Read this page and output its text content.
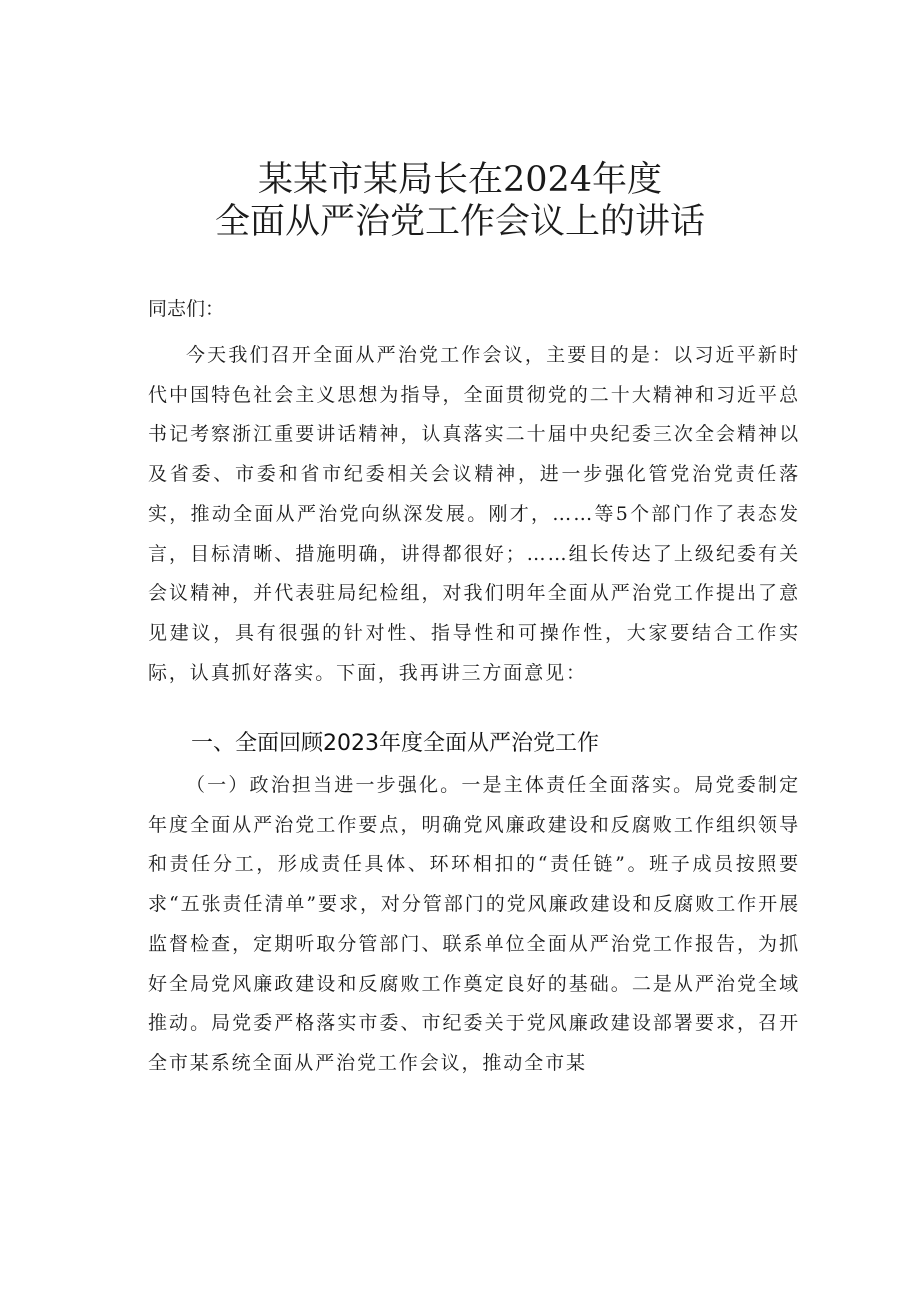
某某市某局长在2024年度
全面从严治党工作会议上的讲话

同志们：

今天我们召开全面从严治党工作会议，主要目的是：以习近平新时代中国特色社会主义思想为指导，全面贯彻党的二十大精神和习近平总书记考察浙江重要讲话精神，认真落实二十届中央纪委三次全会精神以及省委、市委和省市纪委相关会议精神，进一步强化管党治党责任落实，推动全面从严治党向纵深发展。刚才，……等5个部门作了表态发言，目标清晰、措施明确，讲得都很好；……组长传达了上级纪委有关会议精神，并代表驻局纪检组，对我们明年全面从严治党工作提出了意见建议，具有很强的针对性、指导性和可操作性，大家要结合工作实际，认真抓好落实。下面，我再讲三方面意见：

一、全面回顾2023年度全面从严治党工作

（一）政治担当进一步强化。一是主体责任全面落实。局党委制定年度全面从严治党工作要点，明确党风廉政建设和反腐败工作组织领导和责任分工，形成责任具体、环环相扣的“责任链”。班子成员按照要求“五张责任清单”要求，对分管部门的党风廉政建设和反腐败工作开展监督检查，定期听取分管部门、联系单位全面从严治党工作报告，为抓好全局党风廉政建设和反腐败工作奠定良好的基础。二是从严治党全域推动。局党委严格落实市委、市纪委关于党风廉政建设部署要求，召开全市某系统全面从严治党工作会议，推动全市某
